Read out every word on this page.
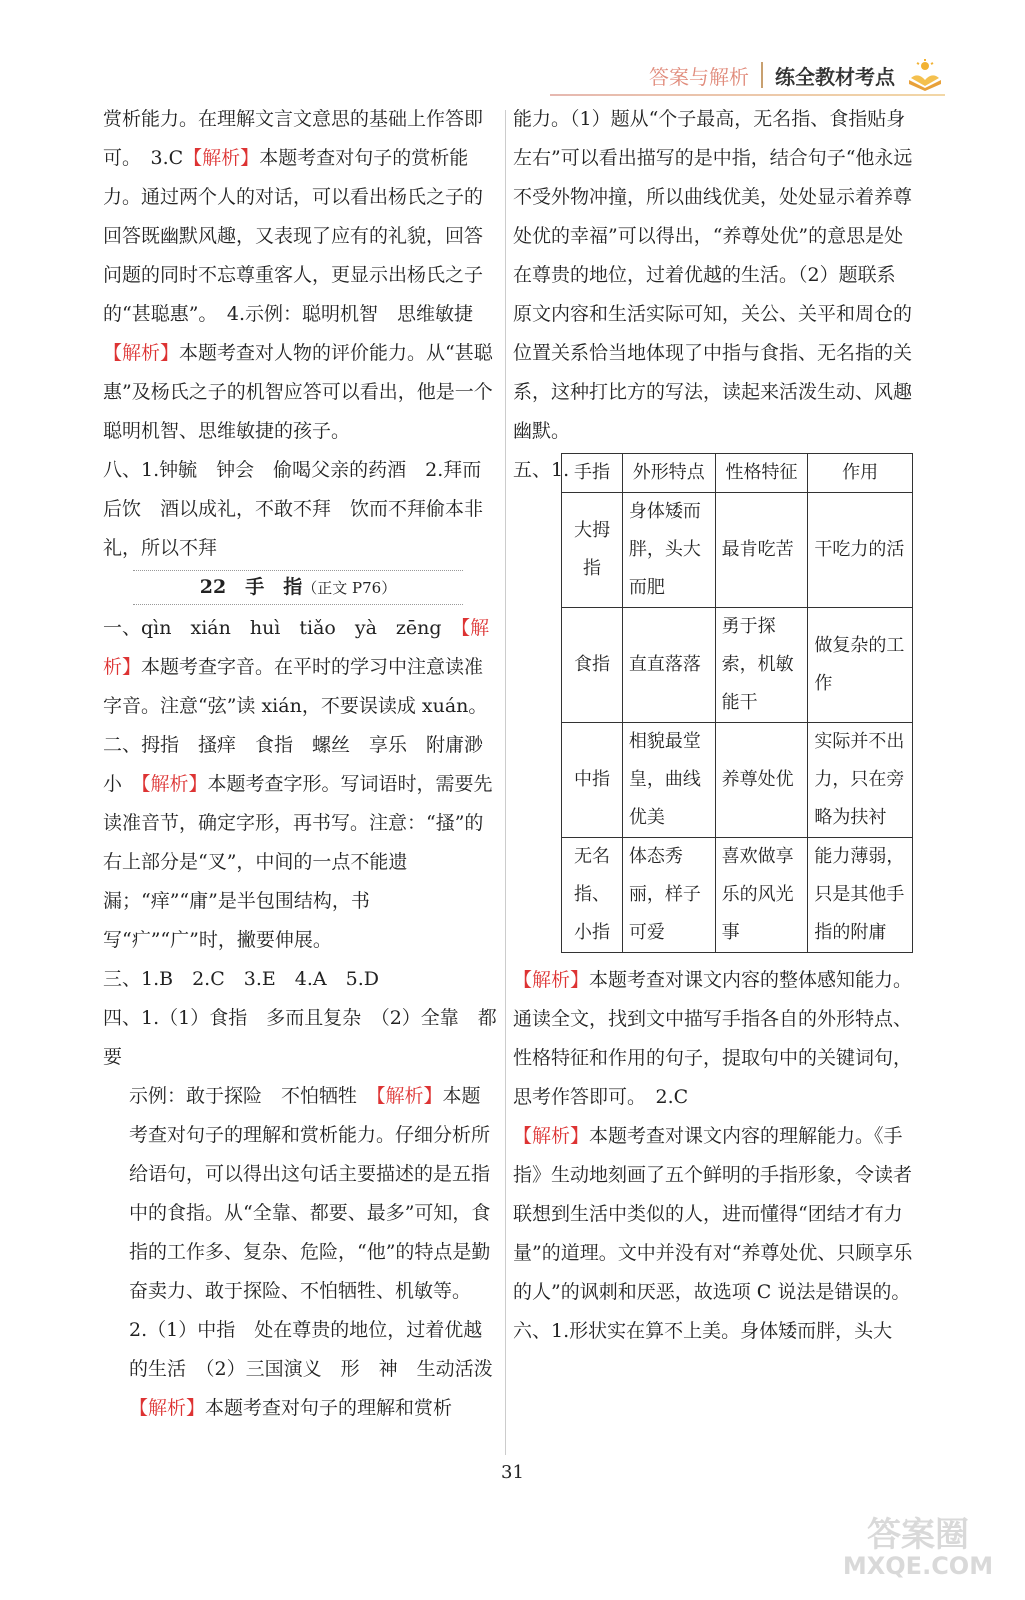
答案与解析 练全教材考点

赏析能力。在理解文言文意思的基础上作答即可。　3.C【解析】本题考查对句子的赏析能力。通过两个人的对话，可以看出杨氏之子的回答既幽默风趣，又表现了应有的礼貌，回答问题的同时不忘尊重客人，更显示出杨氏之子的“甚聪惠”。　4.示例：聪明机智　思维敏捷【解析】本题考查对人物的评价能力。从“甚聪惠”及杨氏之子的机智应答可以看出，他是一个聪明机智、思维敏捷的孩子。

八、1.钟毓　钟会　偷喝父亲的药酒　2.拜而后饮　酒以成礼，不敢不拜　饮而不拜偷本非礼，所以不拜

22　手　指（正文 P76）

一、qìn　xián　huì　tiǎo　yà　zēng　 【解析】本题考查字音。在平时的学习中注意读准字音。注意“弦”读 xián，不要误读成 xuán。

二、拇指　搔痒　食指　螺丝　享乐　附庸渺小　 【解析】本题考查字形。写词语时，需要先读准音节，确定字形，再书写。注意：“搔”的右上部分是“叉”，中间的一点不能遗漏；“痒”“庸”是半包围结构，书写“疒”“广”时，撇要伸展。

三、1.B　2.C　3.E　4.A　5.D

四、1.（1）食指　多而且复杂　（2）全靠　都要

示例：敢于探险　不怕牺牲　 【解析】本题考查对句子的理解和赏析能力。仔细分析所给语句，可以得出这句话主要描述的是五指中的食指。从“全靠、都要、最多”可知，食指的工作多、复杂、危险，“他”的特点是勤奋卖力、敢于探险、不怕牺牲、机敏等。

2.（1）中指　处在尊贵的地位，过着优越的生活　（2）三国演义　形　神　生动活泼　【解析】本题考查对句子的理解和赏析

能力。（1）题从“个子最高，无名指、食指贴身左右”可以看出描写的是中指，结合句子“他永远不受外物冲撞，所以曲线优美，处处显示着养尊处优的幸福”可以得出，“养尊处优”的意思是处在尊贵的地位，过着优越的生活。（2）题联系原文内容和生活实际可知，关公、关平和周仓的位置关系恰当地体现了中指与食指、无名指的关系，这种打比方的写法，读起来活泼生动、风趣幽默。

五、1. 手指	外形特点	性格特征	作用
大拇指	身体矮而胖，头大而肥	最肯吃苦	干吃力的活
食指	直直落落	勇于探索，机敏能干	做复杂的工作
中指	相貌最堂皇，曲线优美	养尊处优	实际并不出力，只在旁略为扶衬
无名指、小指	体态秀丽，样子可爱	喜欢做享乐的风光事	能力薄弱，只是其他手指的附庸

【解析】本题考查对课文内容的整体感知能力。通读全文，找到文中描写手指各自的外形特点、性格特征和作用的句子，提取句中的关键词句，思考作答即可。　2.C

【解析】本题考查对课文内容的理解能力。《手指》生动地刻画了五个鲜明的手指形象，令读者联想到生活中类似的人，进而懂得“团结才有力量”的道理。文中并没有对“养尊处优、只顾享乐的人”的讽刺和厌恶，故选项 C 说法是错误的。

六、1.形状实在算不上美。身体矮而胖，头大

31
答案圈
MXQE.COM
